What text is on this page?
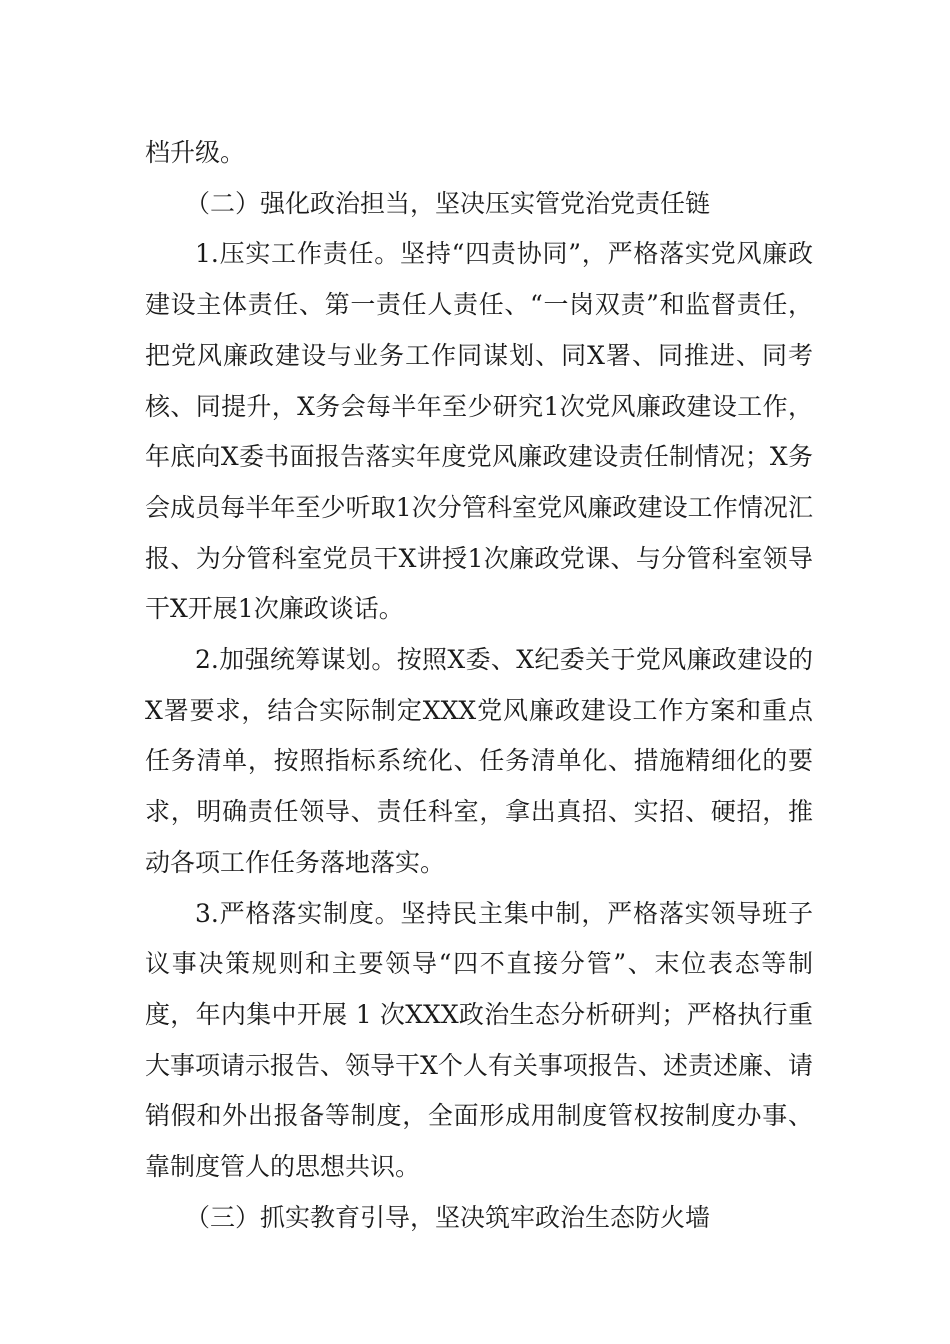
档升级。

（二）强化政治担当，坚决压实管党治党责任链

1.压实工作责任。坚持“四责协同”，严格落实党风廉政建设主体责任、第一责任人责任、“一岗双责”和监督责任，把党风廉政建设与业务工作同谋划、同X署、同推进、同考核、同提升，X务会每半年至少研究1次党风廉政建设工作，年底向X委书面报告落实年度党风廉政建设责任制情况；X务会成员每半年至少听取1次分管科室党风廉政建设工作情况汇报、为分管科室党员干X讲授1次廉政党课、与分管科室领导干X开展1次廉政谈话。

2.加强统筹谋划。按照X委、X纪委关于党风廉政建设的X署要求，结合实际制定XXX党风廉政建设工作方案和重点任务清单，按照指标系统化、任务清单化、措施精细化的要求，明确责任领导、责任科室，拿出真招、实招、硬招，推动各项工作任务落地落实。

3.严格落实制度。坚持民主集中制，严格落实领导班子议事决策规则和主要领导“四不直接分管”、末位表态等制度，年内集中开展 1 次XXX政治生态分析研判；严格执行重大事项请示报告、领导干X个人有关事项报告、述责述廉、请销假和外出报备等制度，全面形成用制度管权按制度办事、靠制度管人的思想共识。

（三）抓实教育引导，坚决筑牢政治生态防火墙
